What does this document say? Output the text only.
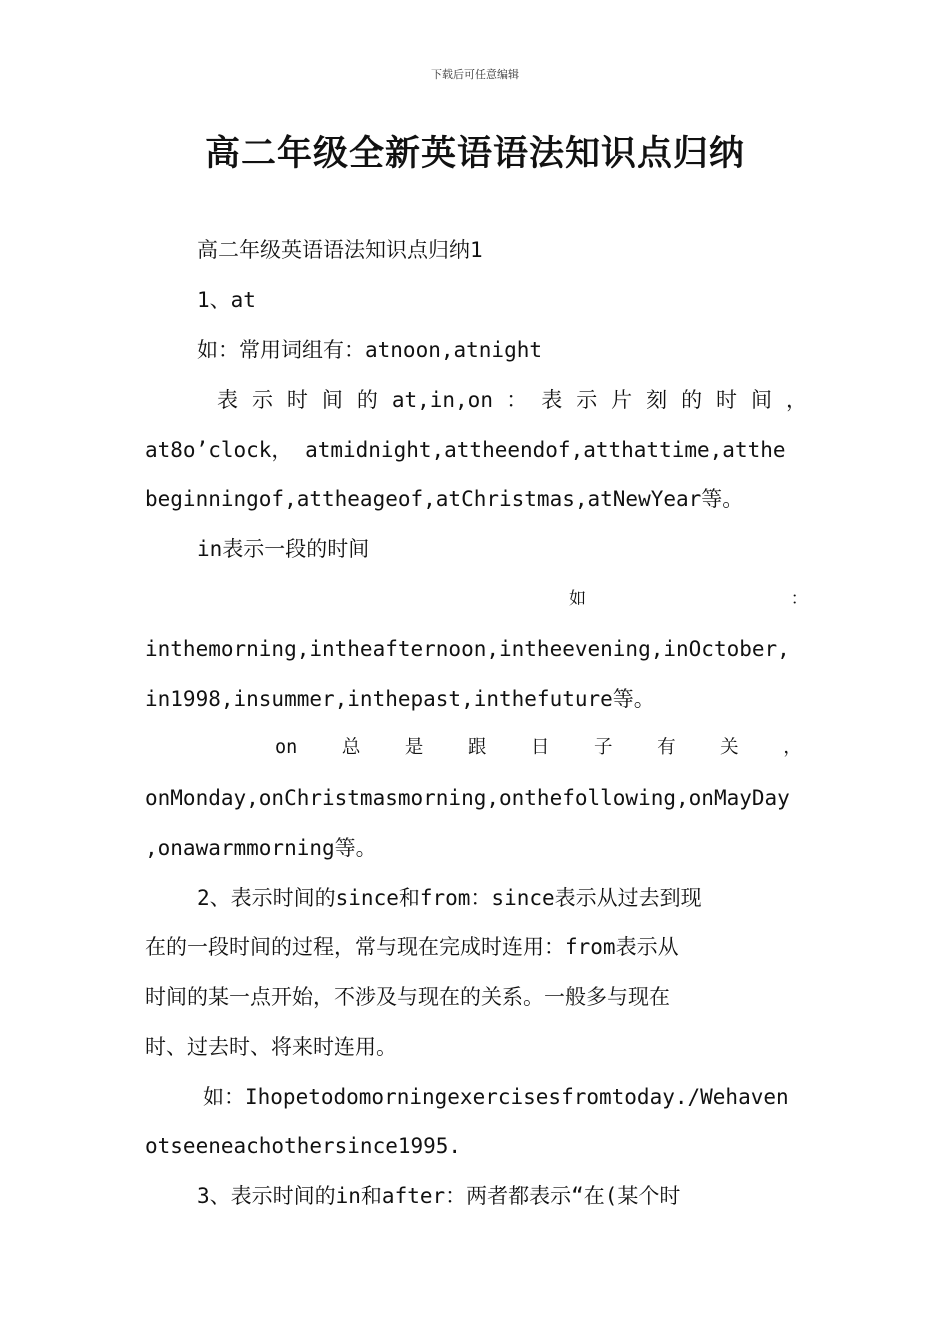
下载后可任意编辑
高二年级全新英语语法知识点归纳
高二年级英语语法知识点归纳1
1、at
如：常用词组有：atnoon,atnight
表 示 时 间 的 at,in,on ： 表 示 片 刻 的 时 间 ，
at8o’clock， atmidnight,attheendof,atthattime,atthe
beginningof,attheageof,atChristmas,atNewYear等。
in表示一段的时间
如                    ：
inthemorning,intheafternoon,intheevening,inOctober,
in1998,insummer,inthepast,inthefuture等。
on    总    是    跟    日    子    有    关    ，
onMonday,onChristmasmorning,onthefollowing,onMayDay
,onawarmmorning等。
2、表示时间的since和from：since表示从过去到现
在的一段时间的过程，常与现在完成时连用：from表示从
时间的某一点开始，不涉及与现在的关系。一般多与现在
时、过去时、将来时连用。
如：Ihopetodomorningexercisesfromtoday./Wehaven
otseeneachothersince1995.
3、表示时间的in和after：两者都表示“在(某个时
